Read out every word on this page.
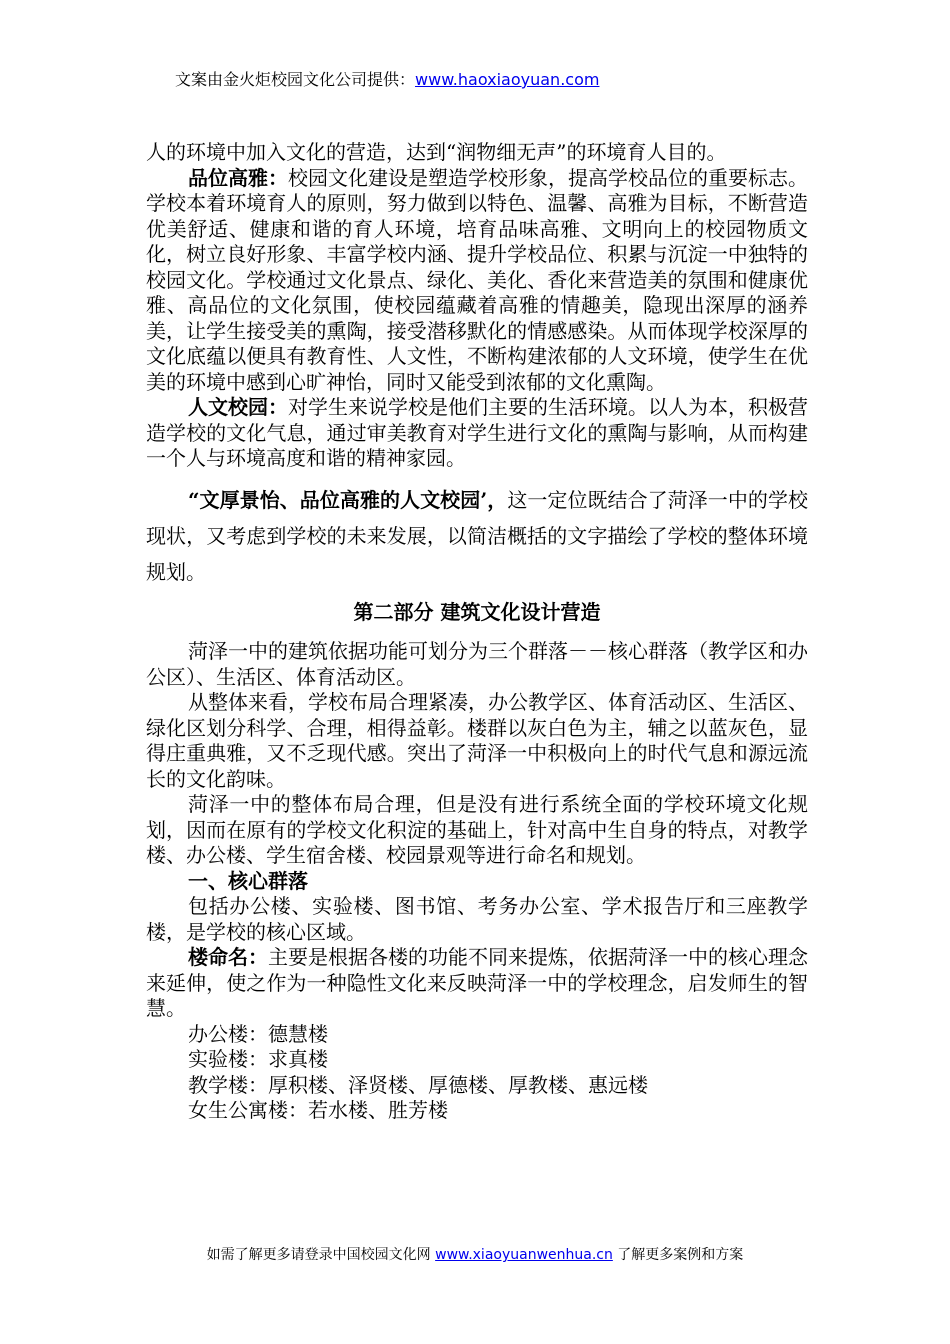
文案由金火炬校园文化公司提供：www.haoxiaoyuan.com

人的环境中加入文化的营造，达到“润物细无声”的环境育人目的。

品位高雅：校园文化建设是塑造学校形象，提高学校品位的重要标志。学校本着环境育人的原则，努力做到以特色、温馨、高雅为目标，不断营造优美舒适、健康和谐的育人环境，培育品味高雅、文明向上的校园物质文化，树立良好形象、丰富学校内涵、提升学校品位、积累与沉淀一中独特的校园文化。学校通过文化景点、绿化、美化、香化来营造美的氛围和健康优雅、高品位的文化氛围，使校园蕴藏着高雅的情趣美，隐现出深厚的涵养美，让学生接受美的熏陶，接受潜移默化的情感感染。从而体现学校深厚的文化底蕴以便具有教育性、人文性，不断构建浓郁的人文环境，使学生在优美的环境中感到心旷神怡，同时又能受到浓郁的文化熏陶。

人文校园：对学生来说学校是他们主要的生活环境。以人为本，积极营造学校的文化气息，通过审美教育对学生进行文化的熏陶与影响，从而构建一个人与环境高度和谐的精神家园。

“文厚景怡、品位高雅的人文校园’，这一定位既结合了菏泽一中的学校现状，又考虑到学校的未来发展，以简洁概括的文字描绘了学校的整体环境规划。

第二部分 建筑文化设计营造

菏泽一中的建筑依据功能可划分为三个群落－－核心群落（教学区和办公区）、生活区、体育活动区。

从整体来看，学校布局合理紧凑，办公教学区、体育活动区、生活区、绿化区划分科学、合理，相得益彰。楼群以灰白色为主，辅之以蓝灰色，显得庄重典雅，又不乏现代感。突出了菏泽一中积极向上的时代气息和源远流长的文化韵味。

菏泽一中的整体布局合理，但是没有进行系统全面的学校环境文化规划，因而在原有的学校文化积淀的基础上，针对高中生自身的特点，对教学楼、办公楼、学生宿舍楼、校园景观等进行命名和规划。

一、核心群落

包括办公楼、实验楼、图书馆、考务办公室、学术报告厅和三座教学楼，是学校的核心区域。

楼命名：主要是根据各楼的功能不同来提炼，依据菏泽一中的核心理念来延伸，使之作为一种隐性文化来反映菏泽一中的学校理念，启发师生的智慧。

办公楼：德慧楼

实验楼：求真楼

教学楼：厚积楼、泽贤楼、厚德楼、厚教楼、惠远楼

女生公寓楼：若水楼、胜芳楼

如需了解更多请登录中国校园文化网 www.xiaoyuanwenhua.cn 了解更多案例和方案
